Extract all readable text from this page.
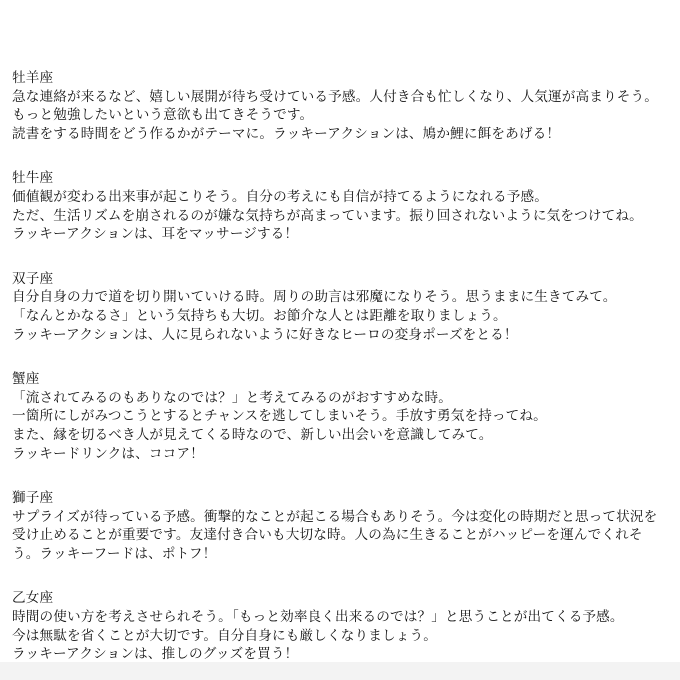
牡羊座
急な連絡が来るなど、嬉しい展開が待ち受けている予感。人付き合も忙しくなり、人気運が高まりそう。
もっと勉強したいという意欲も出てきそうです。
読書をする時間をどう作るかがテーマに。ラッキーアクションは、鳩か鯉に餌をあげる！
牡牛座
価値観が変わる出来事が起こりそう。自分の考えにも自信が持てるようになれる予感。
ただ、生活リズムを崩されるのが嫌な気持ちが高まっています。振り回されないように気をつけてね。
ラッキーアクションは、耳をマッサージする！
双子座
自分自身の力で道を切り開いていける時。周りの助言は邪魔になりそう。思うままに生きてみて。
「なんとかなるさ」という気持ちも大切。お節介な人とは距離を取りましょう。
ラッキーアクションは、人に見られないように好きなヒーロの変身ポーズをとる！
蟹座
「流されてみるのもありなのでは？」と考えてみるのがおすすめな時。
一箇所にしがみつこうとするとチャンスを逃してしまいそう。手放す勇気を持ってね。
また、縁を切るべき人が見えてくる時なので、新しい出会いを意識してみて。
ラッキードリンクは、ココア！
獅子座
サプライズが待っている予感。衝撃的なことが起こる場合もありそう。今は変化の時期だと思って状況を
受け止めることが重要です。友達付き合いも大切な時。人の為に生きることがハッピーを運んでくれそ
う。ラッキーフードは、ポトフ！
乙女座
時間の使い方を考えさせられそう。「もっと効率良く出来るのでは？」と思うことが出てくる予感。
今は無駄を省くことが大切です。自分自身にも厳しくなりましょう。
ラッキーアクションは、推しのグッズを買う！
